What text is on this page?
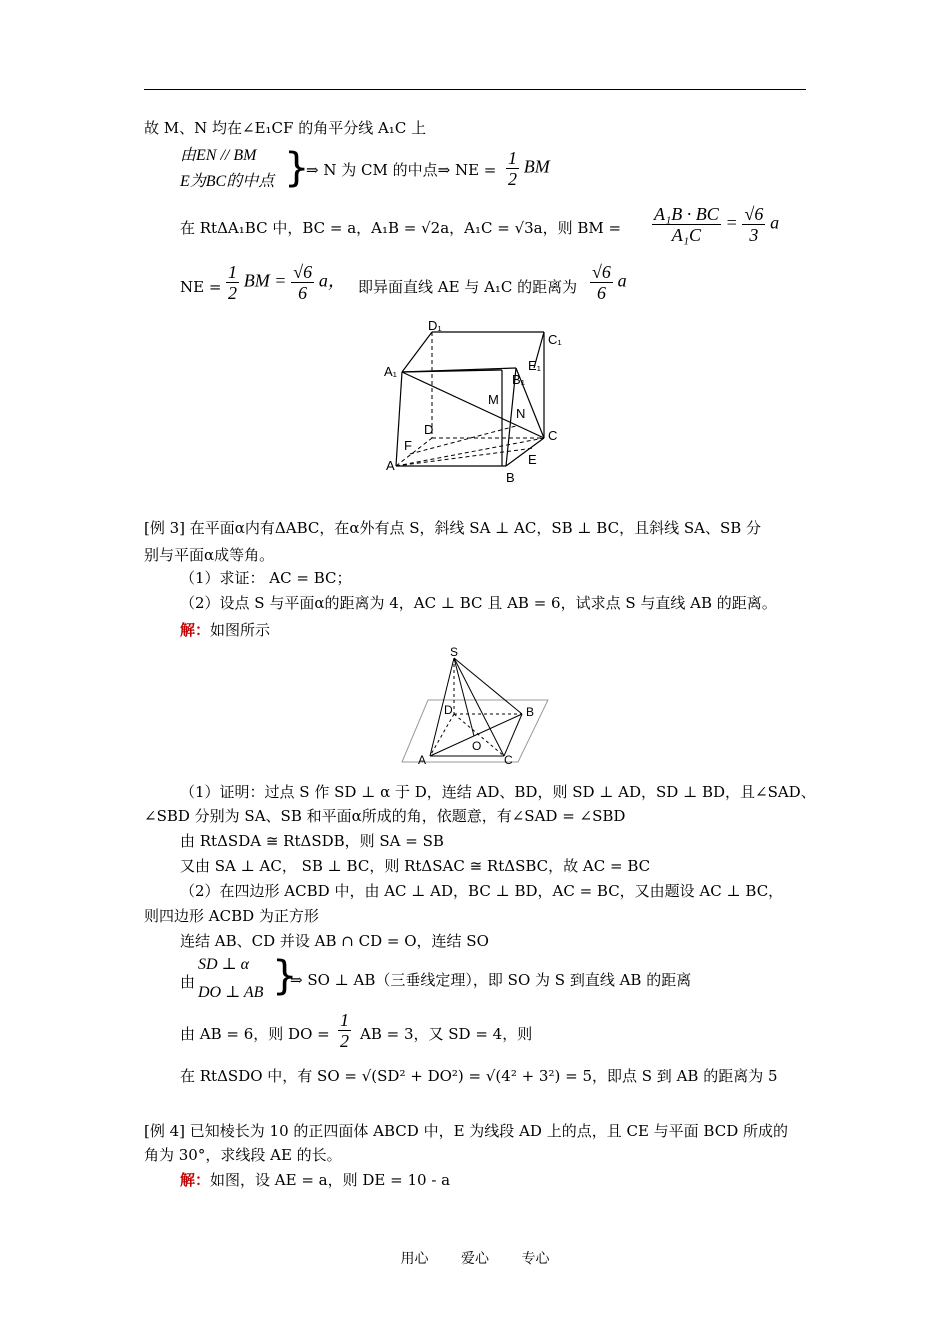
故 M、N 均在∠E₁CF 的角平分线 A₁C 上
由EN // BM
E为BC的中点 }
⇒ N 为 CM 的中点⇒ NE = $\frac{1}{2}$ BM
在 RtΔA₁BC 中，BC = a，A₁B = √2a，A₁C = √3a，则 BM = $\frac{\text{A₁B · BC}}{\text{A₁C}} = \frac{√6}{3}$ a
NE = $\frac{1}{2}$ BM = $\frac{√6}{6}$ a， 即异面直线 AE 与 A₁C 的距离为 $\frac{√6}{6}$ a
D₁
C₁
A₁	E₁
B₁
M
N
D	C
F
A	E
B
[例 3] 在平面α内有ΔABC，在α外有点 S，斜线 SA ⊥ AC，SB ⊥ BC，且斜线 SA、SB 分
别与平面α成等角。
（1）求证： AC = BC；
（2）设点 S 与平面α的距离为 4，AC ⊥ BC 且 AB = 6，试求点 S 与直线 AB 的距离。
解：如图所示
S
D	B
O
A	C
（1）证明：过点 S 作 SD ⊥ α 于 D，连结 AD、BD，则 SD ⊥ AD，SD ⊥ BD，且∠SAD、
∠SBD 分别为 SA、SB 和平面α所成的角，依题意，有∠SAD = ∠SBD
由 RtΔSDA ≅ RtΔSDB，则 SA = SB
又由 SA ⊥ AC， SB ⊥ BC，则 RtΔSAC ≅ RtΔSBC，故 AC = BC
（2）在四边形 ACBD 中，由 AC ⊥ AD，BC ⊥ BD，AC = BC，又由题设 AC ⊥ BC，
则四边形 ACBD 为正方形
连结 AB、CD 并设 AB ∩ CD = O，连结 SO
由
SD ⊥ α
DO ⊥ AB }
⇒ SO ⊥ AB（三垂线定理），即 SO 为 S 到直线 AB 的距离
由 AB = 6，则 DO = $\frac{1}{2}$ AB = 3，又 SD = 4，则
在 RtΔSDO 中，有 SO = √(SD² + DO²) = √(4² + 3²) = 5，即点 S 到 AB 的距离为 5
[例 4] 已知棱长为 10 的正四面体 ABCD 中，E 为线段 AD 上的点，且 CE 与平面 BCD 所成的
角为 30°，求线段 AE 的长。
解：如图，设 AE = a，则 DE = 10 - a
用心 爱心 专心
